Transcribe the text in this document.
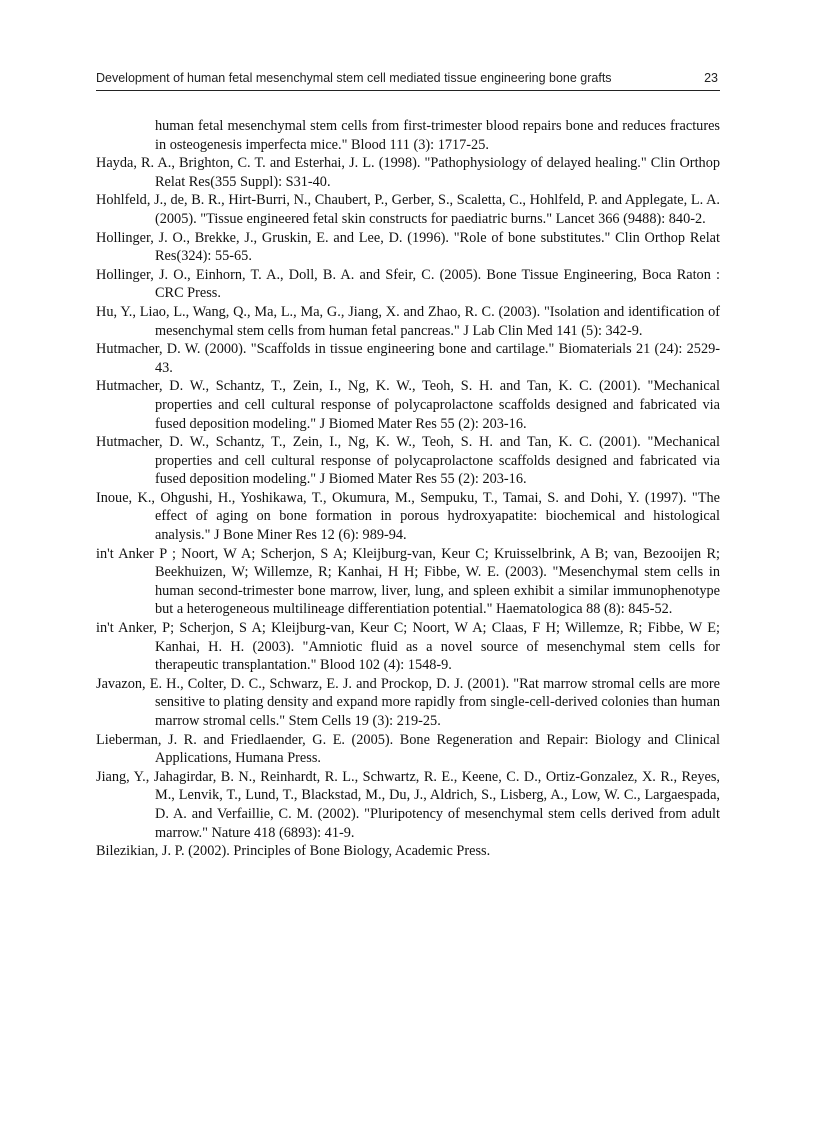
Development of human fetal mesenchymal stem cell mediated tissue engineering bone grafts	23

human fetal mesenchymal stem cells from first-trimester blood repairs bone and reduces fractures in osteogenesis imperfecta mice." Blood 111 (3): 1717-25.

Hayda, R. A., Brighton, C. T. and Esterhai, J. L. (1998). "Pathophysiology of delayed healing." Clin Orthop Relat Res(355 Suppl): S31-40.

Hohlfeld, J., de, B. R., Hirt-Burri, N., Chaubert, P., Gerber, S., Scaletta, C., Hohlfeld, P. and Applegate, L. A. (2005). "Tissue engineered fetal skin constructs for paediatric burns." Lancet 366 (9488): 840-2.

Hollinger, J. O., Brekke, J., Gruskin, E. and Lee, D. (1996). "Role of bone substitutes." Clin Orthop Relat Res(324): 55-65.

Hollinger, J. O., Einhorn, T. A., Doll, B. A. and Sfeir, C. (2005). Bone Tissue Engineering, Boca Raton : CRC Press.

Hu, Y., Liao, L., Wang, Q., Ma, L., Ma, G., Jiang, X. and Zhao, R. C. (2003). "Isolation and identification of mesenchymal stem cells from human fetal pancreas." J Lab Clin Med 141 (5): 342-9.

Hutmacher, D. W. (2000). "Scaffolds in tissue engineering bone and cartilage." Biomaterials 21 (24): 2529-43.

Hutmacher, D. W., Schantz, T., Zein, I., Ng, K. W., Teoh, S. H. and Tan, K. C. (2001). "Mechanical properties and cell cultural response of polycaprolactone scaffolds designed and fabricated via fused deposition modeling." J Biomed Mater Res 55 (2): 203-16.

Hutmacher, D. W., Schantz, T., Zein, I., Ng, K. W., Teoh, S. H. and Tan, K. C. (2001). "Mechanical properties and cell cultural response of polycaprolactone scaffolds designed and fabricated via fused deposition modeling." J Biomed Mater Res 55 (2): 203-16.

Inoue, K., Ohgushi, H., Yoshikawa, T., Okumura, M., Sempuku, T., Tamai, S. and Dohi, Y. (1997). "The effect of aging on bone formation in porous hydroxyapatite: biochemical and histological analysis." J Bone Miner Res 12 (6): 989-94.

in't Anker P ; Noort, W A; Scherjon, S A; Kleijburg-van, Keur C; Kruisselbrink, A B; van, Bezooijen R; Beekhuizen, W; Willemze, R; Kanhai, H H; Fibbe, W. E. (2003). "Mesenchymal stem cells in human second-trimester bone marrow, liver, lung, and spleen exhibit a similar immunophenotype but a heterogeneous multilineage differentiation potential." Haematologica 88 (8): 845-52.

in't Anker, P; Scherjon, S A; Kleijburg-van, Keur C; Noort, W A; Claas, F H; Willemze, R; Fibbe, W E; Kanhai, H. H. (2003). "Amniotic fluid as a novel source of mesenchymal stem cells for therapeutic transplantation." Blood 102 (4): 1548-9.

Javazon, E. H., Colter, D. C., Schwarz, E. J. and Prockop, D. J. (2001). "Rat marrow stromal cells are more sensitive to plating density and expand more rapidly from single-cell-derived colonies than human marrow stromal cells." Stem Cells 19 (3): 219-25.

Lieberman, J. R. and Friedlaender, G. E. (2005). Bone Regeneration and Repair: Biology and Clinical Applications, Humana Press.

Jiang, Y., Jahagirdar, B. N., Reinhardt, R. L., Schwartz, R. E., Keene, C. D., Ortiz-Gonzalez, X. R., Reyes, M., Lenvik, T., Lund, T., Blackstad, M., Du, J., Aldrich, S., Lisberg, A., Low, W. C., Largaespada, D. A. and Verfaillie, C. M. (2002). "Pluripotency of mesenchymal stem cells derived from adult marrow." Nature 418 (6893): 41-9.

Bilezikian, J. P. (2002). Principles of Bone Biology, Academic Press.
